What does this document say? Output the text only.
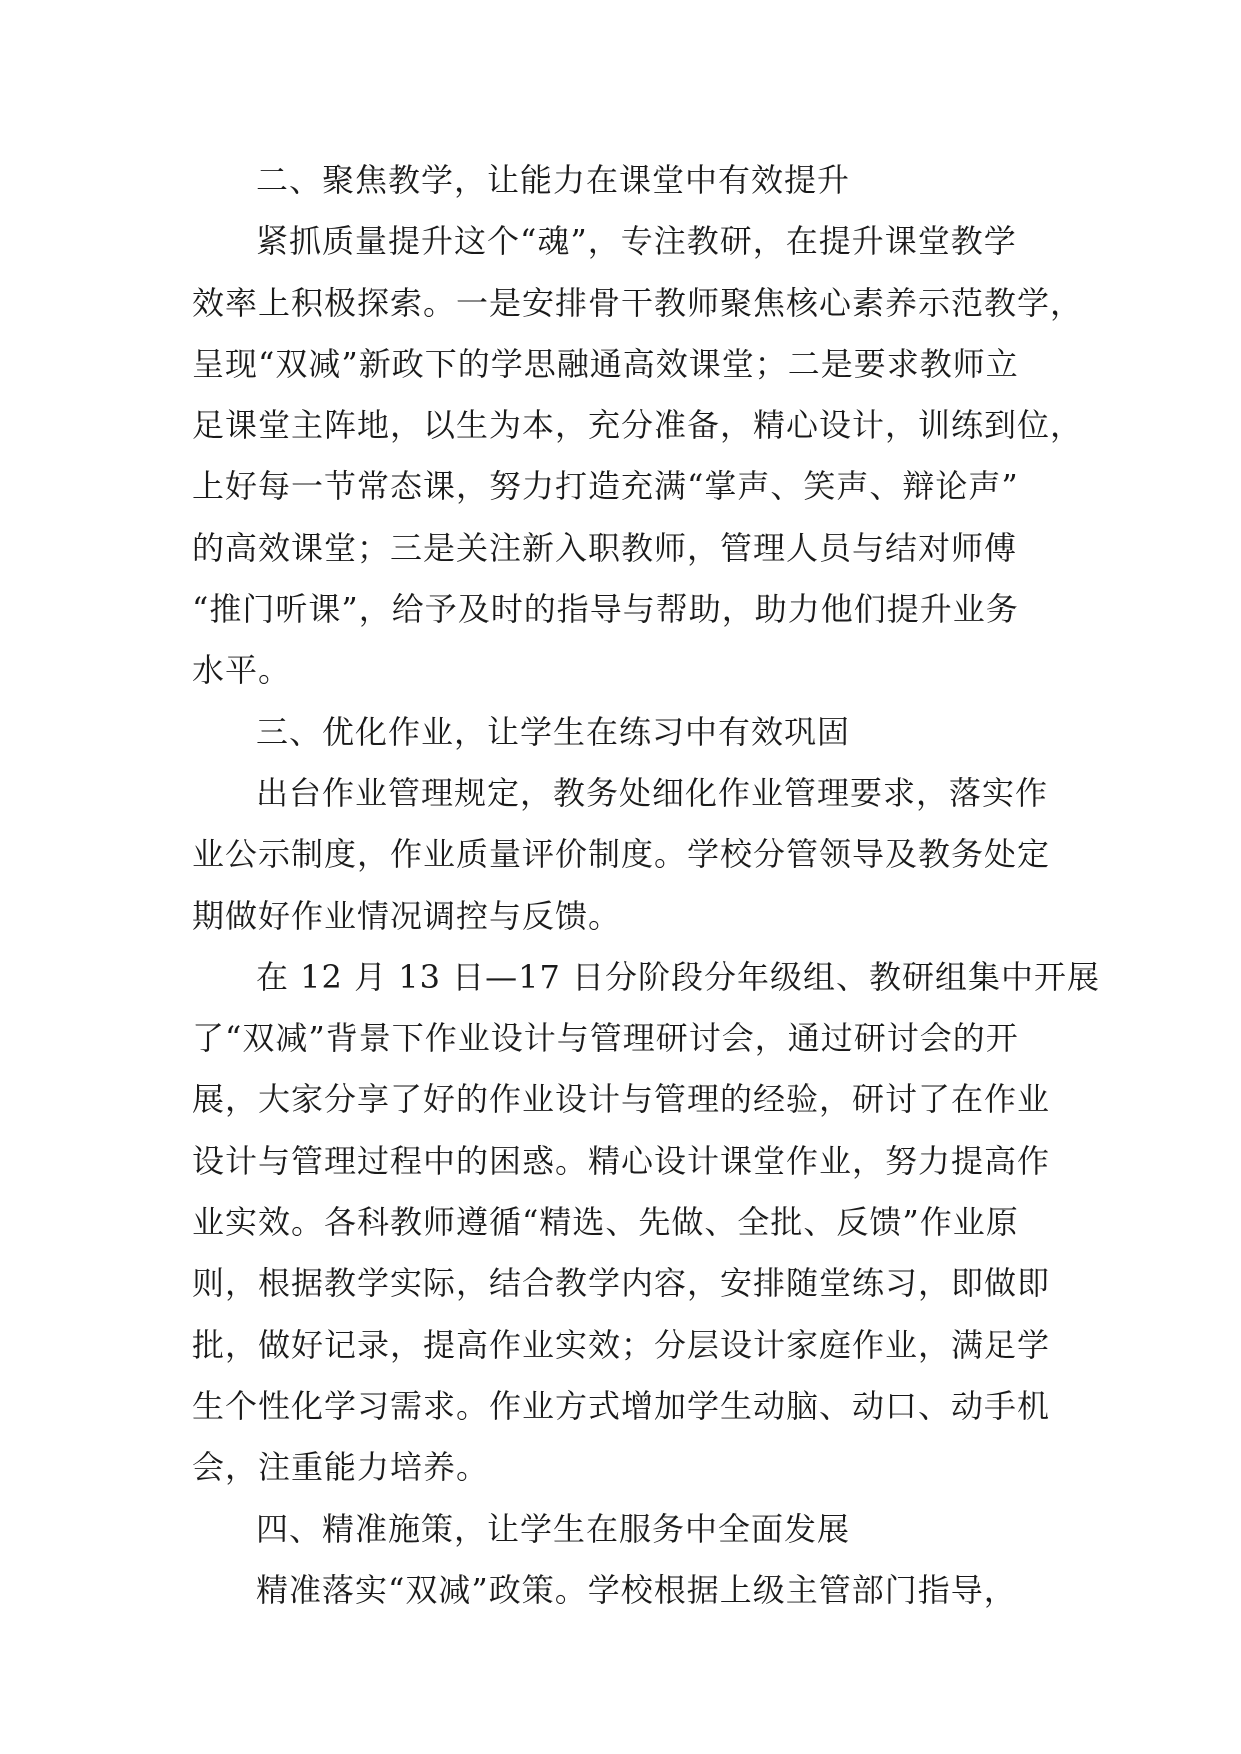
二、聚焦教学，让能力在课堂中有效提升
紧抓质量提升这个“魂”，专注教研，在提升课堂教学
效率上积极探索。一是安排骨干教师聚焦核心素养示范教学，
呈现“双减”新政下的学思融通高效课堂；二是要求教师立
足课堂主阵地，以生为本，充分准备，精心设计，训练到位，
上好每一节常态课，努力打造充满“掌声、笑声、辩论声”
的高效课堂；三是关注新入职教师，管理人员与结对师傅
“推门听课”，给予及时的指导与帮助，助力他们提升业务
水平。
三、优化作业，让学生在练习中有效巩固
出台作业管理规定，教务处细化作业管理要求，落实作
业公示制度，作业质量评价制度。学校分管领导及教务处定
期做好作业情况调控与反馈。
在 12 月 13 日—17 日分阶段分年级组、教研组集中开展
了“双减”背景下作业设计与管理研讨会，通过研讨会的开
展，大家分享了好的作业设计与管理的经验，研讨了在作业
设计与管理过程中的困惑。精心设计课堂作业，努力提高作
业实效。各科教师遵循“精选、先做、全批、反馈”作业原
则，根据教学实际，结合教学内容，安排随堂练习，即做即
批，做好记录，提高作业实效；分层设计家庭作业，满足学
生个性化学习需求。作业方式增加学生动脑、动口、动手机
会，注重能力培养。
四、精准施策，让学生在服务中全面发展
精准落实“双减”政策。学校根据上级主管部门指导，
